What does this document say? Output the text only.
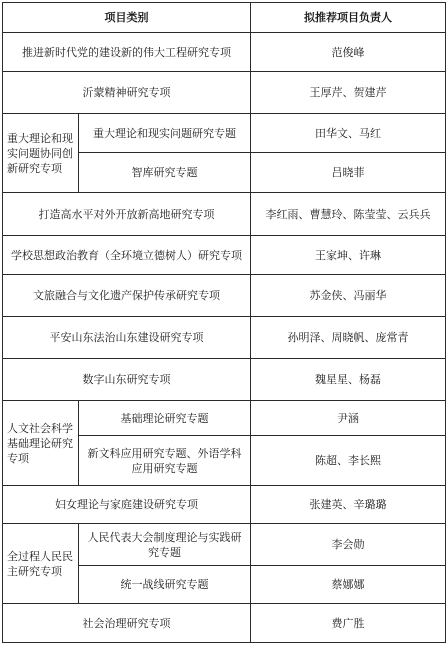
项目类别		拟推荐项目负责人
推进新时代党的建设新的伟大工程研究专项		范俊峰
沂蒙精神研究专项		王厚芹、贺建芹
重大理论和现实问题协同创新研究专项	重大理论和现实问题研究专题	田华文、马红
	智库研究专题	吕晓菲
打造高水平对外开放新高地研究专项		李红雨、曹慧玲、陈莹莹、云兵兵
学校思想政治教育（全环境立德树人）研究专项		王家坤、许琳
文旅融合与文化遗产保护传承研究专项		苏金侠、冯丽华
平安山东法治山东建设研究专项		孙明泽、周晓帆、庞常青
数字山东研究专项		魏星星、杨磊
人文社会科学基础理论研究专项	基础理论研究专题	尹涵
	新文科应用研究专题、外语学科应用研究专题	陈超、李长熙
妇女理论与家庭建设研究专项		张建英、辛璐璐
全过程人民民主研究专项	人民代表大会制度理论与实践研究专题	李会勋
	统一战线研究专题	蔡娜娜
社会治理研究专项		费广胜
